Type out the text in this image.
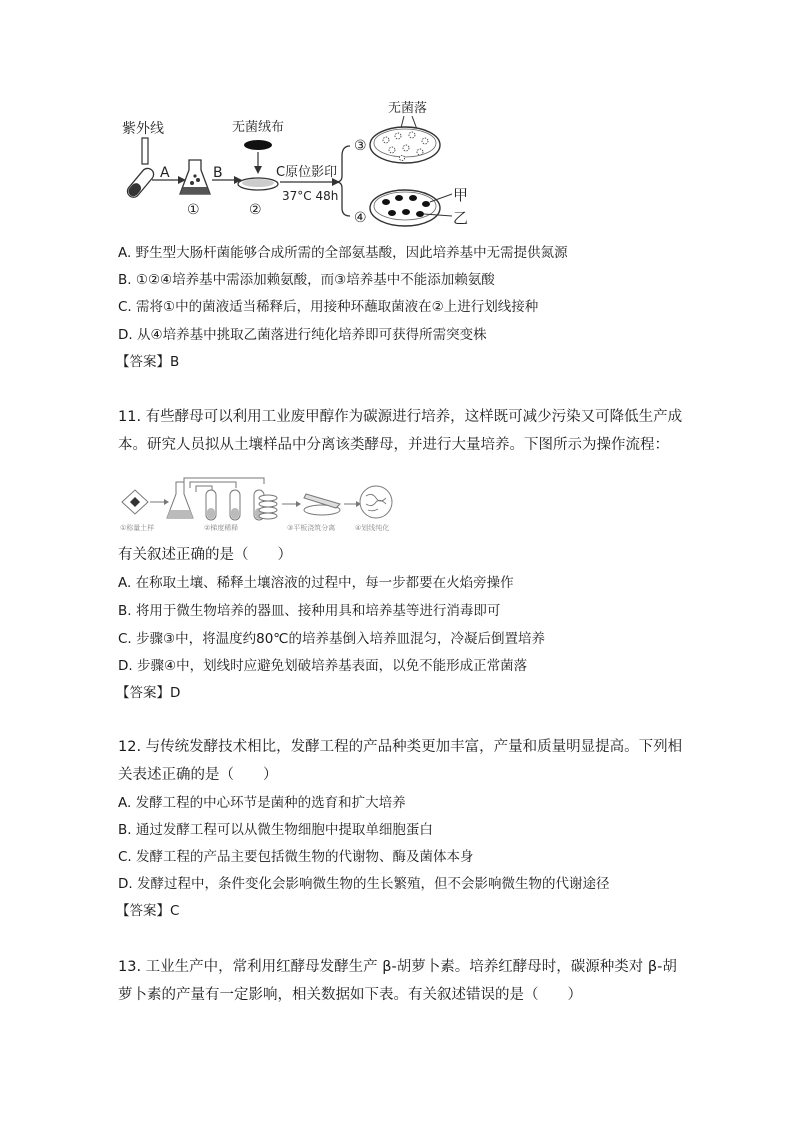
紫外线
A
①
B
②
无菌绒布
C原位影印
37°C 48h
③
无菌落
④
甲
乙
A. 野生型大肠杆菌能够合成所需的全部氨基酸，因此培养基中无需提供氮源
B. ①②④培养基中需添加赖氨酸，而③培养基中不能添加赖氨酸
C. 需将①中的菌液适当稀释后，用接种环蘸取菌液在②上进行划线接种
D. 从④培养基中挑取乙菌落进行纯化培养即可获得所需突变株
【答案】B
11. 有些酵母可以利用工业废甲醇作为碳源进行培养，这样既可减少污染又可降低生产成
本。研究人员拟从土壤样品中分离该类酵母，并进行大量培养。下图所示为操作流程：
①称量土样	②梯度稀释	③平板浇筑分离	④划线纯化
有关叙述正确的是（　　）
A. 在称取土壤、稀释土壤溶液的过程中，每一步都要在火焰旁操作
B. 将用于微生物培养的器皿、接种用具和培养基等进行消毒即可
C. 步骤③中，将温度约80℃的培养基倒入培养皿混匀，冷凝后倒置培养
D. 步骤④中，划线时应避免划破培养基表面，以免不能形成正常菌落
【答案】D
12. 与传统发酵技术相比，发酵工程的产品种类更加丰富，产量和质量明显提高。下列相
关表述正确的是（　　）
A. 发酵工程的中心环节是菌种的选育和扩大培养
B. 通过发酵工程可以从微生物细胞中提取单细胞蛋白
C. 发酵工程的产品主要包括微生物的代谢物、酶及菌体本身
D. 发酵过程中，条件变化会影响微生物的生长繁殖，但不会影响微生物的代谢途径
【答案】C
13. 工业生产中，常利用红酵母发酵生产 β-胡萝卜素。培养红酵母时，碳源种类对 β-胡
萝卜素的产量有一定影响，相关数据如下表。有关叙述错误的是（　　）
